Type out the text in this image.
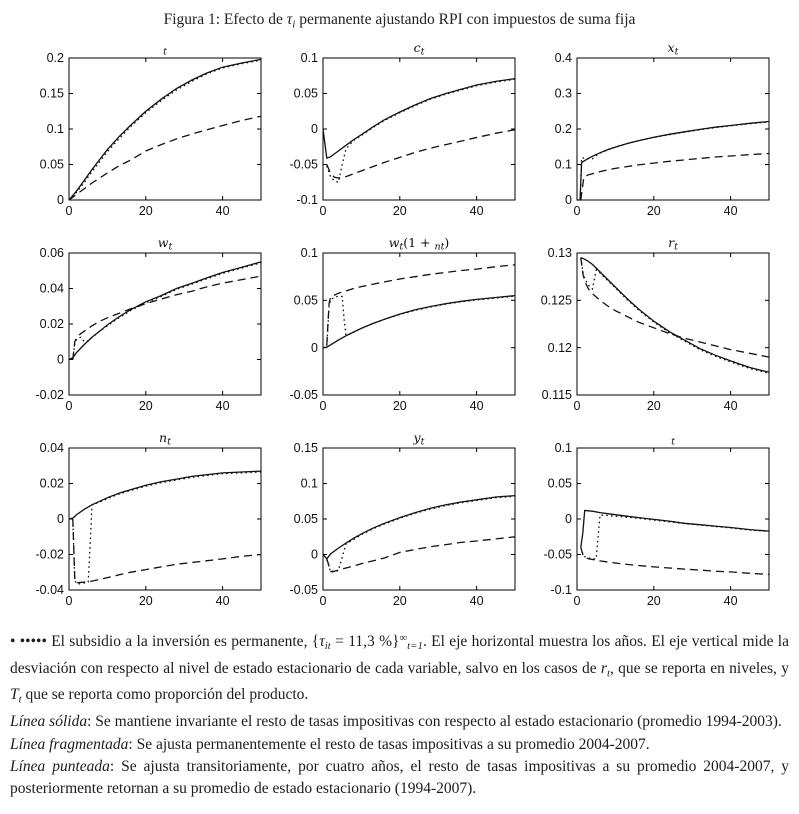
Figura 1: Efecto de $\tau_i$ permanente ajustando RPI con impuestos de suma fija
t
0	20	40
0
0.05
0.1
0.15
0.2
ct
0	20	40
-0.1
-0.05
0
0.05
0.1
xt
0	20	40
0
0.1
0.2
0.3
0.4
wt
0	20	40
-0.02
0
0.02
0.04
0.06
wt(1 + nt)
0	20	40
-0.05
0
0.05
0.1
rt
0	20	40
0.115
0.12
0.125
0.13
nt
0	20	40
-0.04
-0.02
0
0.02
0.04
yt
0	20	40
-0.05
0
0.05
0.1
0.15	t
0	20	40
-0.1
-0.05
0
0.05
0.1

• ••••• El subsidio a la inversión es permanente, {$\tau_{it} = 11,3$ $\%\}^\infty_{t=1}$. El eje horizontal muestra los años. El eje vertical mide la desviación con respecto al nivel de estado estacionario de cada variable, salvo en los casos de $r_t$, que se reporta en niveles, y $T_t$ que se reporta como proporción del producto.

Línea sólida: Se mantiene invariante el resto de tasas impositivas con respecto al estado estacionario (promedio 1994-2003).

Línea fragmentada: Se ajusta permanentemente el resto de tasas impositivas a su promedio 2004-2007.

Línea punteada: Se ajusta transitoriamente, por cuatro años, el resto de tasas impositivas a su promedio 2004-2007, y posteriormente retornan a su promedio de estado estacionario (1994-2007).
